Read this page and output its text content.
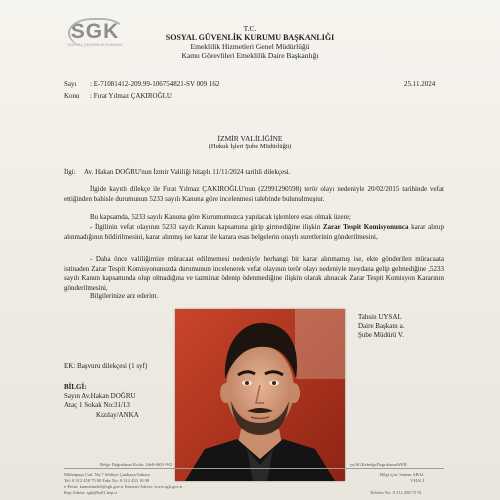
SGK
SOSYAL GÜVENLİK KURUMU
T.C.
SOSYAL GÜVENLİK KURUMU BAŞKANLIĞI
Emeklilik Hizmetleri Genel Müdürlüğü
Kamu Görevlileri Emeklilik Daire Başkanlığı
Sayı : E-71081412-209.99-106754821-SV 009 162	25.11.2024
Konu : Fırat Yılmaz ÇAKIROĞLU
İZMİR VALİLİĞİNE
(Hukuk İşleri Şube Müdürlüğü)
İlgi: Av. Hakan DOĞRU'nun İzmir Valiliği hitaplı 11/11/2024 tarihli dilekçesi.
İlgide kayıtlı dilekçe ile Fırat Yılmaz ÇAKIROĞLU'nun (22991290598) terör olayı nedeniyle 20/02/2015 tarihinde vefat ettiğinden bahisle durumunun 5233 sayılı Kanuna göre incelenmesi talebinde bulunulmuştur.
Bu kapsamda, 5233 sayılı Kanuna göre Kurumumuzca yapılacak işlemlere esas olmak üzere;
- İlgilinin vefat olayının 5233 sayılı Kanun kapsamına girip girmediğine ilişkin Zarar Tespit Komisyonunca karar alınıp alınmadığının bildirilmesini, karar alınmış ise karar ile kararа esas belgelerin onaylı suretlerinin gönderilmesini,
- Daha önce valiliğimize müracaat edilmemesi nedeniyle herhangi bir karar alınmamış ise, ekte gönderilen müracaata istinaden Zarar Tespit Komisyonunuzda durumunun incelenerek vefat olayının terör olayı nedeniyle meydana gelip gelmediğine ,5233 sayılı Kanun kapsamında olup olmadığına ve tazminat ödenip ödenmediğine ilişkin olarak alınacak Zarar Tespit Komisyon Kararının gönderilmesini,
Bilgilerinize arz ederim.
Tahsin UYSAL
Daire Başkanı a.
Şube Müdürü V.
EK: Başvuru dilekçesi (1 syf)
BİLGİ:
Sayın Av.Hakan DOĞRU
Ataç 1 Sokak No:31/13
Kızılay/ANKA
Belge Doğrulama Kodu: 2de8-0d51-9f2	yu/SGKebelgeDogrulamaWEB
Mithatpaşa Cad. No:7 Sıhhiye Çankaya/Ankara	Bilgi için: Sanem ABAL
Tel: 0 312 458 75 00 Faks No: 0 312 433 10 98	V.H.K.İ
e-Posta: kamuemekli@sgk.gov.tr İnternet Adresi: www.sgk.gov.tr
Kep Adresi: sgk@hs01.kep.tr	Telefon No: 0 312 458 75 91
